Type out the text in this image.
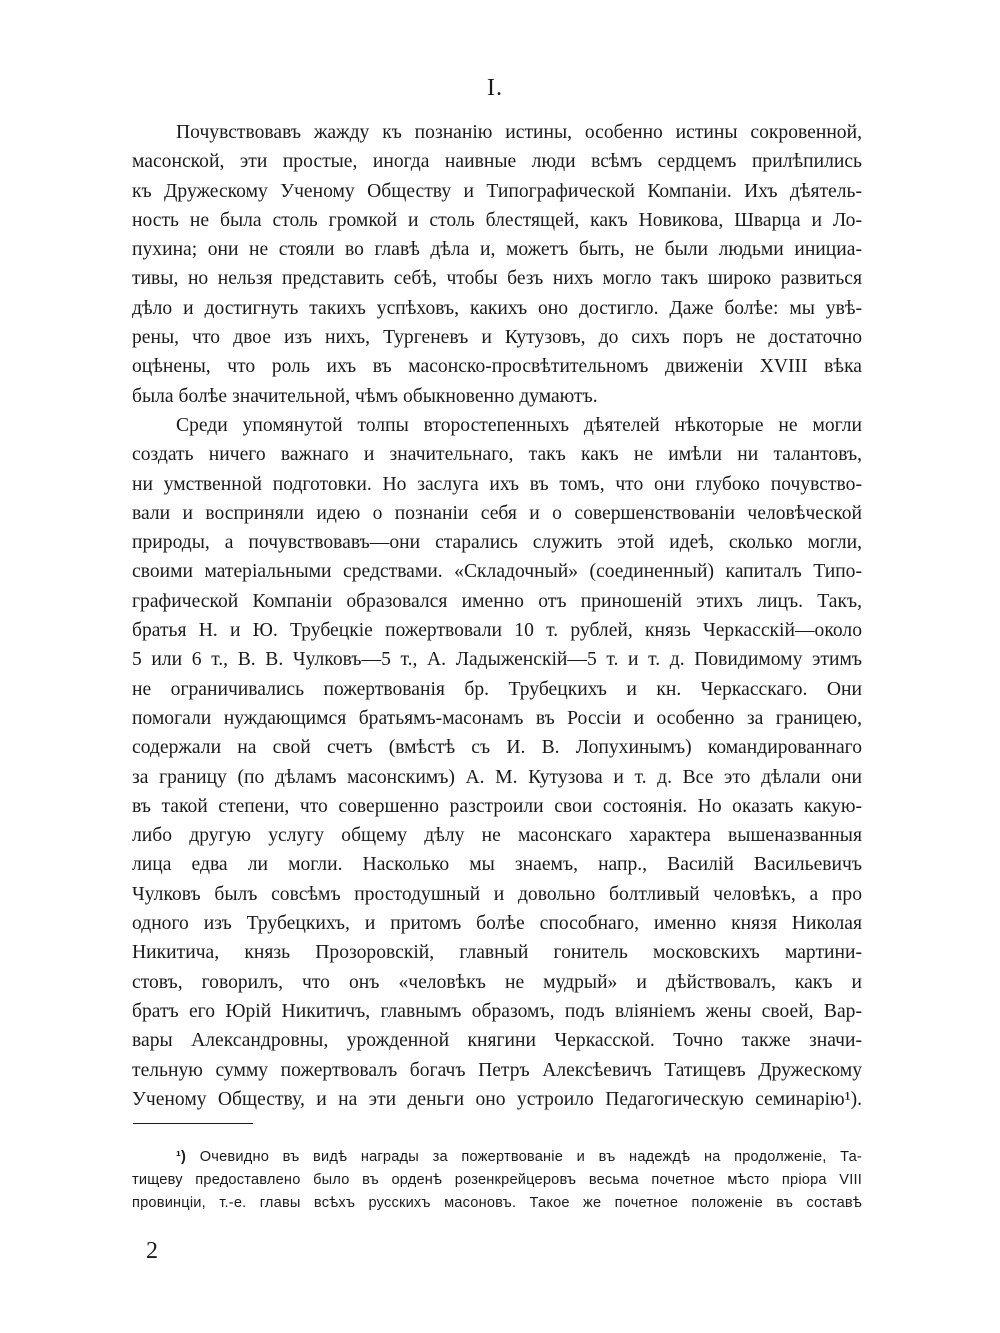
I.
Почувствовавъ жажду къ познанію истины, особенно истины сокровенной,
масонской, эти простые, иногда наивные люди всѣмъ сердцемъ прилѣпились
къ Дружескому Ученому Обществу и Типографической Компаніи. Ихъ дѣятель-
ность не была столь громкой и столь блестящей, какъ Новикова, Шварца и Ло-
пухина; они не стояли во главѣ дѣла и, можетъ быть, не были людьми инициа-
тивы, но нельзя представить себѣ, чтобы безъ нихъ могло такъ широко развиться
дѣло и достигнуть такихъ успѣховъ, какихъ оно достигло. Даже болѣе: мы увѣ-
рены, что двое изъ нихъ, Тургеневъ и Кутузовъ, до сихъ поръ не достаточно
оцѣнены, что роль ихъ въ масонско-просвѣтительномъ движеніи XVIII вѣка
была болѣе значительной, чѣмъ обыкновенно думаютъ.
Среди упомянутой толпы второстепенныхъ дѣятелей нѣкоторые не могли
создать ничего важнаго и значительнаго, такъ какъ не имѣли ни талантовъ,
ни умственной подготовки. Но заслуга ихъ въ томъ, что они глубоко почувство-
вали и восприняли идею о познаніи себя и о совершенствованіи человѣческой
природы, а почувствовавъ—они старались служить этой идеѣ, сколько могли,
своими матеріальными средствами. «Складочный» (соединенный) капиталъ Типо-
графической Компаніи образовался именно отъ приношеній этихъ лицъ. Такъ,
братья Н. и Ю. Трубецкіе пожертвовали 10 т. рублей, князь Черкасскій—около
5 или 6 т., В. В. Чулковъ—5 т., А. Ладыженскій—5 т. и т. д. Повидимому этимъ
не ограничивались пожертвованія бр. Трубецкихъ и кн. Черкасскаго. Они
помогали нуждающимся братьямъ-масонамъ въ Россіи и особенно за границею,
содержали на свой счетъ (вмѣстѣ съ И. В. Лопухинымъ) командированнаго
за границу (по дѣламъ масонскимъ) А. М. Кутузова и т. д. Все это дѣлали они
въ такой степени, что совершенно разстроили свои состоянія. Но оказать какую-
либо другую услугу общему дѣлу не масонскаго характера вышеназванныя
лица едва ли могли. Насколько мы знаемъ, напр., Василій Васильевичъ
Чулковъ былъ совсѣмъ простодушный и довольно болтливый человѣкъ, а про
одного изъ Трубецкихъ, и притомъ болѣе способнаго, именно князя Николая
Никитича, князь Прозоровскій, главный гонитель московскихъ мартини-
стовъ, говорилъ, что онъ «человѣкъ не мудрый» и дѣйствовалъ, какъ и
братъ его Юрій Никитичъ, главнымъ образомъ, подъ вліяніемъ жены своей, Вар-
вары Александровны, урожденной княгини Черкасской. Точно также значи-
тельную сумму пожертвовалъ богачъ Петръ Алексѣевичъ Татищевъ Дружескому
Ученому Обществу, и на эти деньги оно устроило Педагогическую семинарію¹).
¹) Очевидно въ видѣ награды за пожертвованіе и въ надеждѣ на продолженіе, Та-
тищеву предоставлено было въ орденѣ розенкрейцеровъ весьма почетное мѣсто пріора VIII
провинціи, т.-е. главы всѣхъ русскихъ масоновъ. Такое же почетное положеніе въ составѣ
2
